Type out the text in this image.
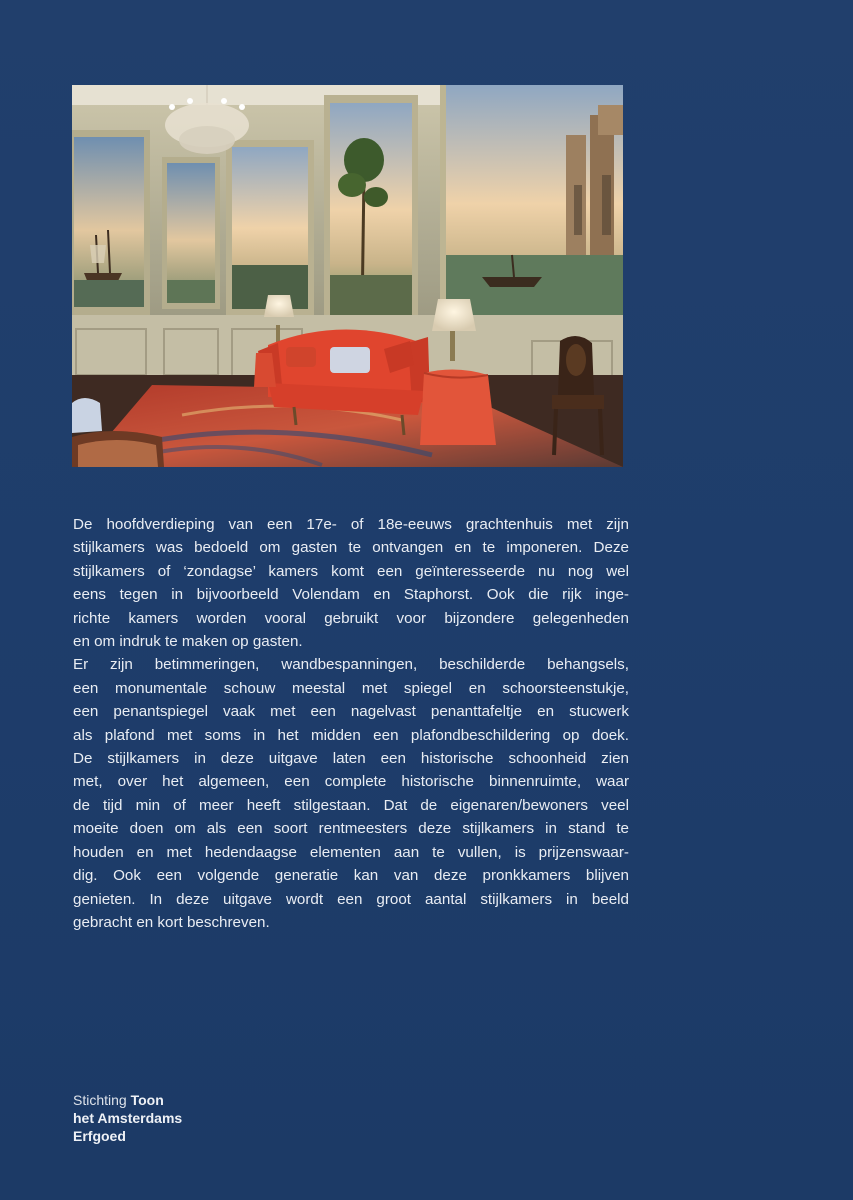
De hoofdverdieping van een 17e- of 18e-eeuws grachtenhuis met zijn
stijlkamers was bedoeld om gasten te ontvangen en te imponeren. Deze
stijlkamers of ‘zondagse’ kamers komt een geïnteresseerde nu nog wel
eens tegen in bijvoorbeeld Volendam en Staphorst. Ook die rijk inge-
richte kamers worden vooral gebruikt voor bijzondere gelegenheden
en om indruk te maken op gasten.

Er zijn betimmeringen, wandbespanningen, beschilderde behangsels,
een monumentale schouw meestal met spiegel en schoorsteenstukje,
een penantspiegel vaak met een nagelvast penanttafeltje en stucwerk
als plafond met soms in het midden een plafondbeschildering op doek.
De stijlkamers in deze uitgave laten een historische schoonheid zien
met, over het algemeen, een complete historische binnenruimte, waar
de tijd min of meer heeft stilgestaan. Dat de eigenaren/bewoners veel
moeite doen om als een soort rentmeesters deze stijlkamers in stand te
houden en met hedendaagse elementen aan te vullen, is prijzenswaar-
dig. Ook een volgende generatie kan van deze pronkkamers blijven
genieten. In deze uitgave wordt een groot aantal stijlkamers in beeld
gebracht en kort beschreven.

Stichting Toon
het Amsterdams
Erfgoed
